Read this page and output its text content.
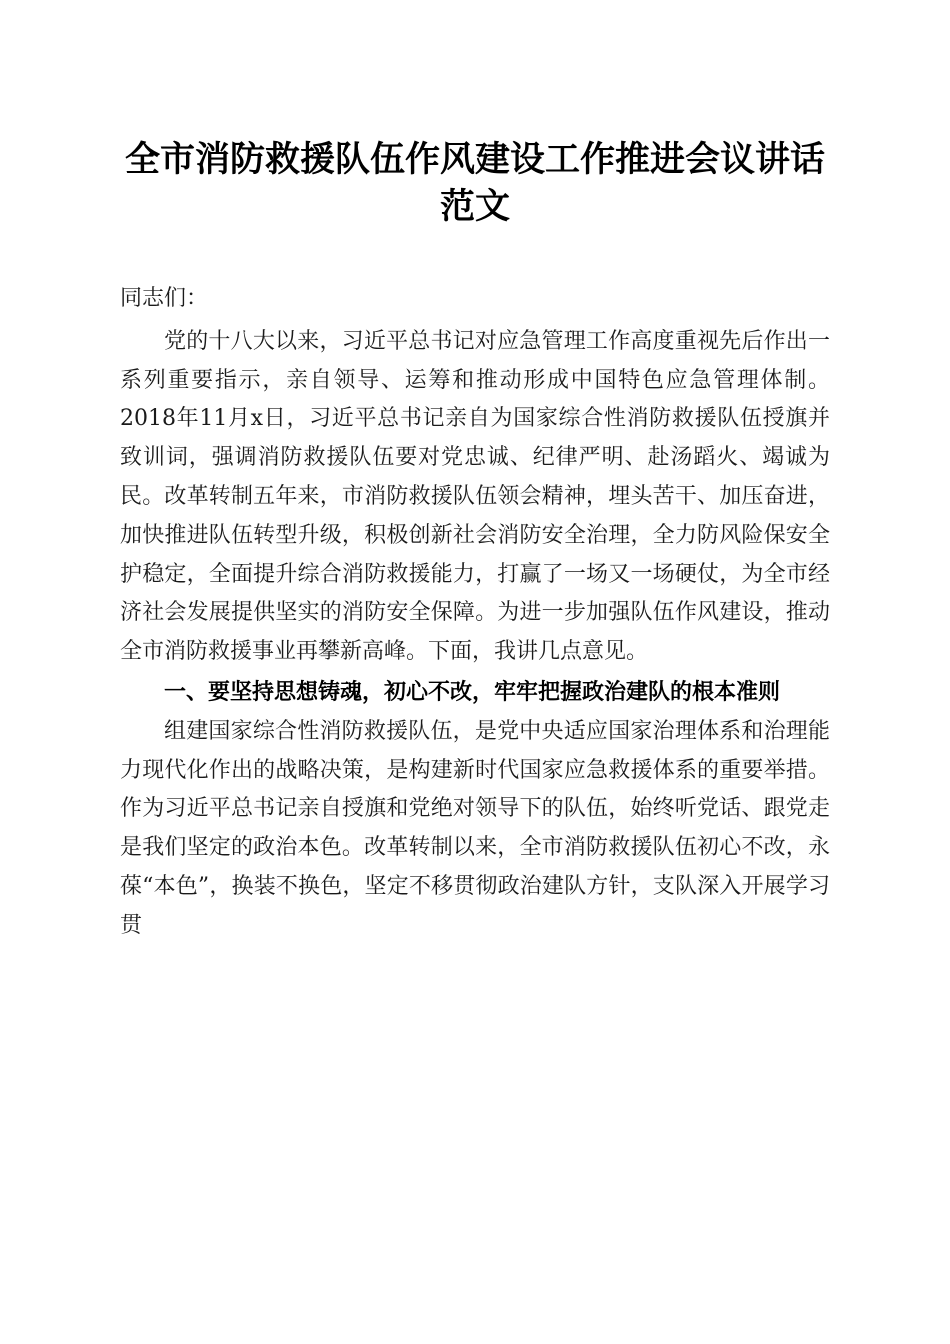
全市消防救援队伍作风建设工作推进会议讲话范文

同志们：

党的十八大以来，习近平总书记对应急管理工作高度重视先后作出一系列重要指示，亲自领导、运筹和推动形成中国特色应急管理体制。2018年11月x日，习近平总书记亲自为国家综合性消防救援队伍授旗并致训词，强调消防救援队伍要对党忠诚、纪律严明、赴汤蹈火、竭诚为民。改革转制五年来，市消防救援队伍领会精神，埋头苦干、加压奋进，加快推进队伍转型升级，积极创新社会消防安全治理，全力防风险保安全护稳定，全面提升综合消防救援能力，打赢了一场又一场硬仗，为全市经济社会发展提供坚实的消防安全保障。为进一步加强队伍作风建设，推动全市消防救援事业再攀新高峰。下面，我讲几点意见。

一、要坚持思想铸魂，初心不改，牢牢把握政治建队的根本准则

组建国家综合性消防救援队伍，是党中央适应国家治理体系和治理能力现代化作出的战略决策，是构建新时代国家应急救援体系的重要举措。作为习近平总书记亲自授旗和党绝对领导下的队伍，始终听党话、跟党走是我们坚定的政治本色。改革转制以来，全市消防救援队伍初心不改，永葆“本色”，换装不换色，坚定不移贯彻政治建队方针，支队深入开展学习贯
